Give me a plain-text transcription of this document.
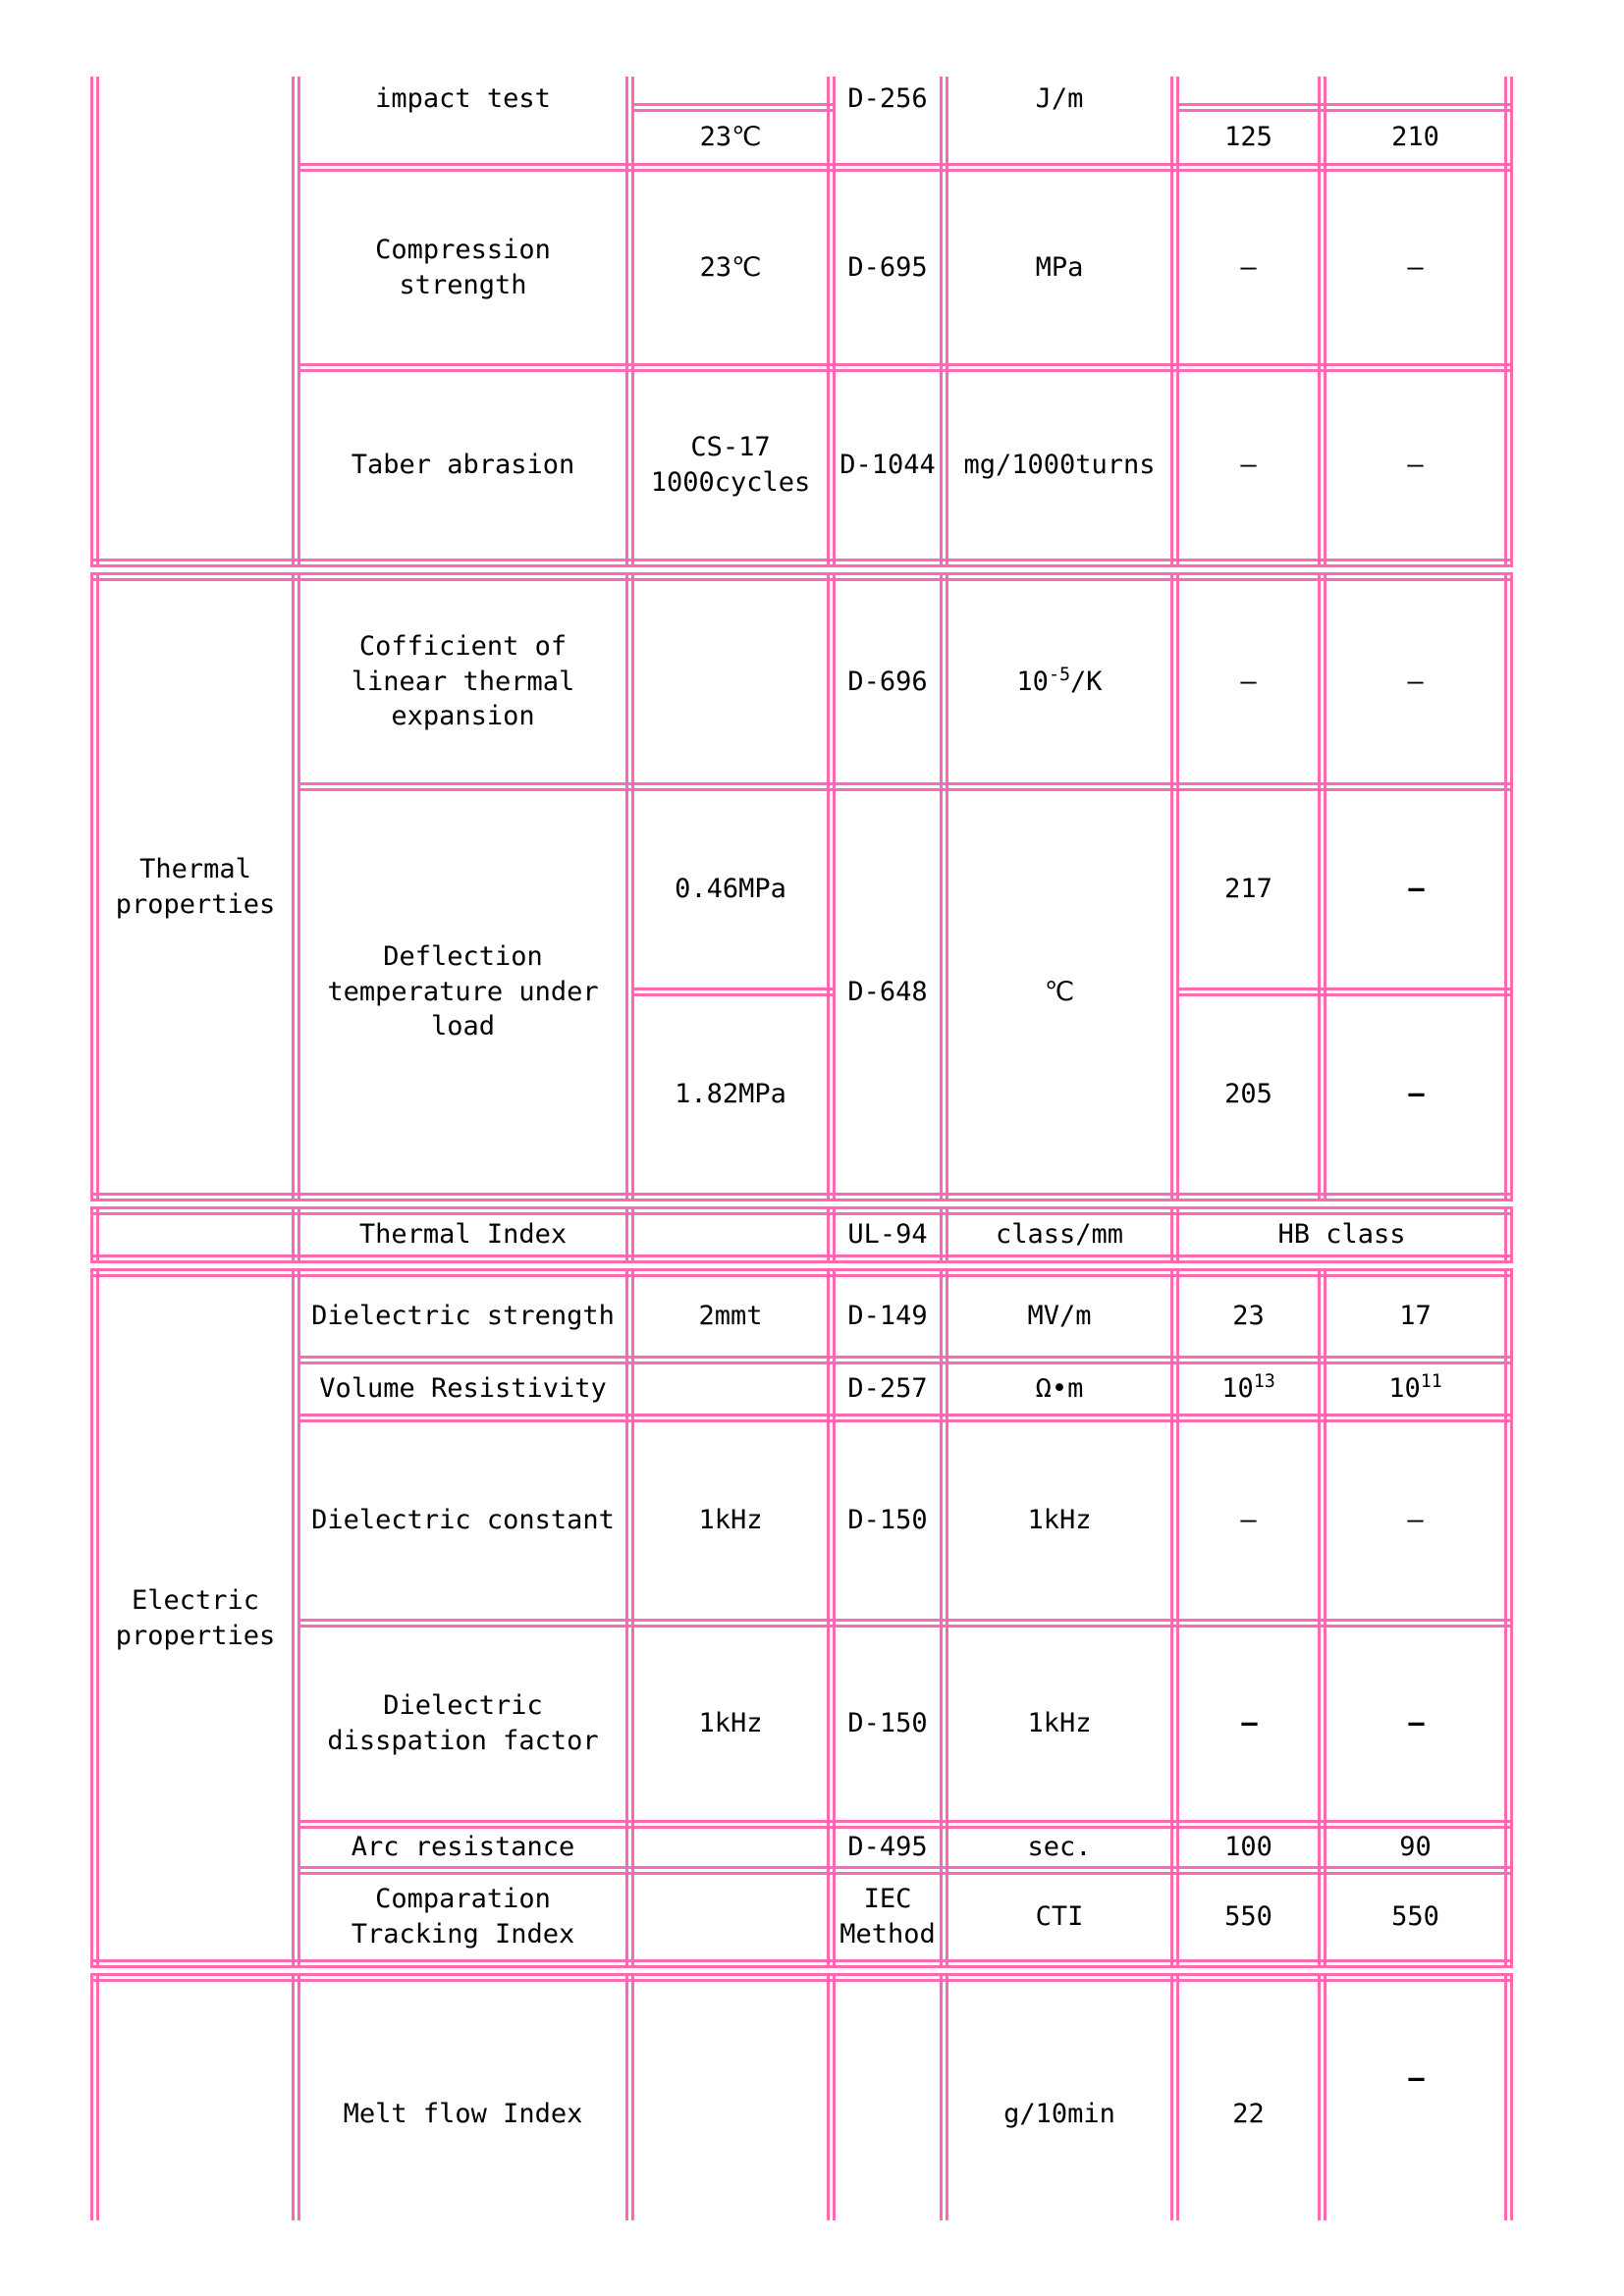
	impact test		D-256	J/m		
		23℃			125	210
	Compression strength	23℃	D-695	MPa	—	—
	Taber abrasion	CS-17 1000cycles	D-1044	mg/1000turns	—	—
Thermal properties	Cofficient of linear thermal expansion		D-696	$10^{-5}/K$	—	—
	Deflection temperature under load	0.46MPa	D-648	℃	217	—
		1.82MPa			205	—
	Thermal Index		UL-94	class/mm	HB class
Electric properties	Dielectric strength	2mmt	D-149	MV/m	23	17
	Volume Resistivity		D-257	Ω•m	$10^{13}$	$10^{11}$
	Dielectric constant	1kHz	D-150	1kHz	—	—
	Dielectric disspation factor	1kHz	D-150	1kHz	—	—
	Arc resistance		D-495	sec.	100	90
	Comparation Tracking Index		IEC Method	CTI	550	550
	Melt flow Index			g/10min	22	—
